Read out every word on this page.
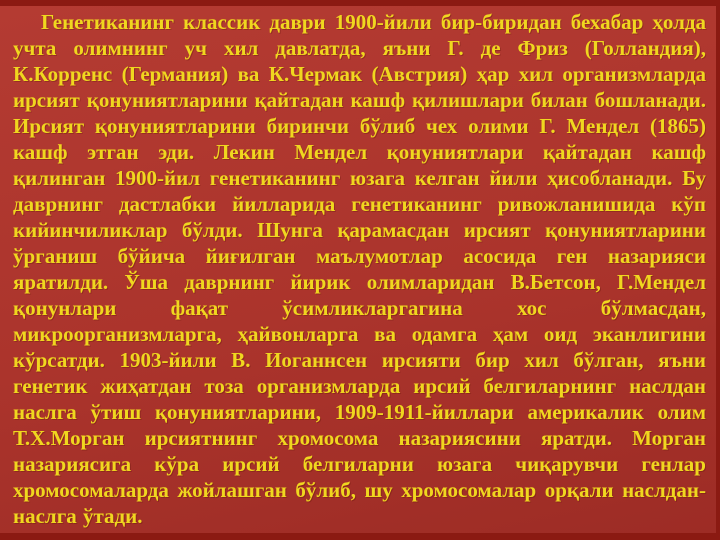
Генетиканинг классик даври 1900-йили бир-биридан бехабар ҳолда учта олимнинг уч хил давлатда, яъни Г. де Фриз (Голландия), К.Корренс (Германия) ва К.Чермак (Австрия) ҳар хил организмларда ирсият қонуниятларини қайтадан кашф қилишлари билан бошланади. Ирсият қонуниятларини биринчи бўлиб чех олими Г. Мендел (1865) кашф этган эди. Лекин Мендел қонуниятлари қайтадан кашф қилинган 1900-йил генетиканинг юзага келган йили ҳисобланади. Бу даврнинг дастлабки йилларида генетиканинг ривожланишида кўп кийинчиликлар бўлди. Шунга қарамасдан ирсият қонуниятларини ўрганиш бўйича йиғилган маълумотлар асосида ген назарияси яратилди. Ўша даврнинг йирик олимларидан В.Бетсон, Г.Мендел қонунлари фақат ўсимликларгагина хос бўлмасдан, микроорганизмларга, ҳайвонларга ва одамга ҳам оид эканлигини кўрсатди. 1903-йили В. Иоганнсен ирсияти бир хил бўлган, яъни генетик жиҳатдан тоза организмларда ирсий белгиларнинг наслдан наслга ўтиш қонуниятларини, 1909-1911-йиллари америкалик олим Т.Х.Морган ирсиятнинг хромосома назариясини яратди. Морган назариясига кўра ирсий белгиларни юзага чиқарувчи генлар хромосомаларда жойлашган бўлиб, шу хромосомалар орқали наслдан-наслга ўтади.
